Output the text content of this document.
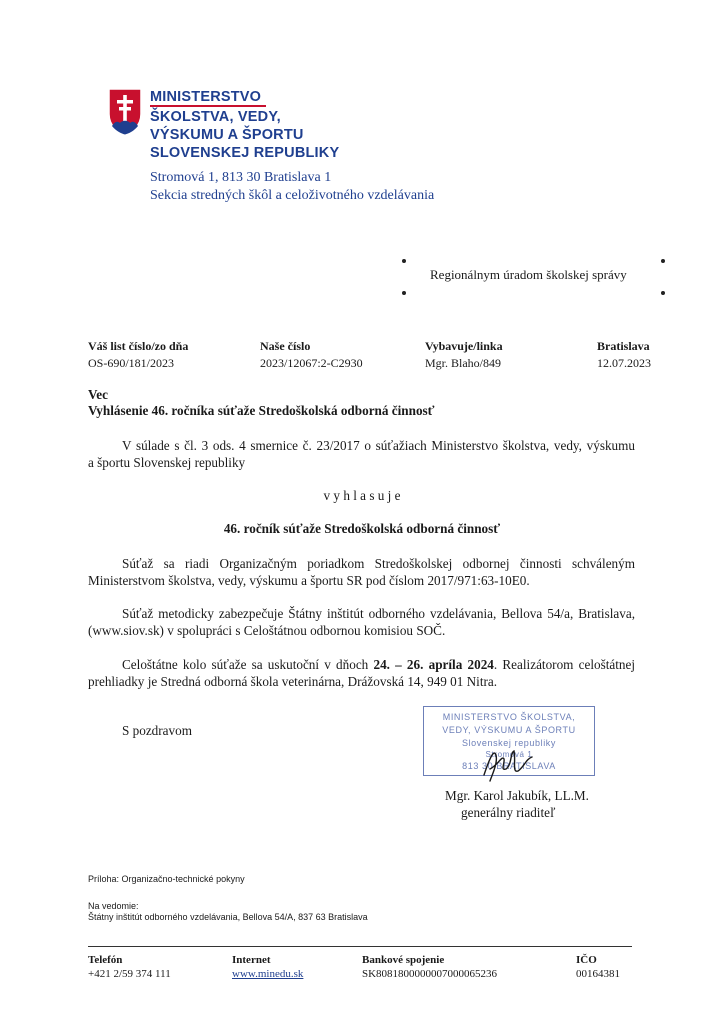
MINISTERSTVO
ŠKOLSTVA, VEDY,
VÝSKUMU A ŠPORTU
SLOVENSKEJ REPUBLIKY
Stromová 1, 813 30 Bratislava 1
Sekcia stredných škôl a celoživotného vzdelávania
Regionálnym úradom školskej správy
Váš list číslo/zo dňa
OS-690/181/2023
Naše číslo
2023/12067:2-C2930
Vybavuje/linka
Mgr. Blaho/849
Bratislava
12.07.2023
Vec
Vyhlásenie 46. ročníka súťaže Stredoškolská odborná činnosť
V súlade s čl. 3 ods. 4 smernice č. 23/2017 o súťažiach Ministerstvo školstva, vedy, výskumu
a športu Slovenskej republiky
v y h l a s u j e
46. ročník súťaže Stredoškolská odborná činnosť
Súťaž sa riadi Organizačným poriadkom Stredoškolskej odbornej činnosti schváleným
Ministerstvom školstva, vedy, výskumu a športu SR pod číslom 2017/971:63-10E0.
Súťaž metodicky zabezpečuje Štátny inštitút odborného vzdelávania, Bellova 54/a, Bratislava,
(www.siov.sk) v spolupráci s Celoštátnou odbornou komisiou SOČ.
Celoštátne kolo súťaže sa uskutoční v dňoch 24. – 26. apríla 2024. Realizátorom celoštátnej
prehliadky je Stredná odborná škola veterinárna, Drážovská 14, 949 01 Nitra.
S pozdravom
MINISTERSTVO ŠKOLSTVA,
VEDY, VÝSKUMU A ŠPORTU
Slovenskej republiky
Stromová 1
813 30 BRATISLAVA
Mgr. Karol Jakubík, LL.M.
generálny riaditeľ
Príloha: Organizačno-technické pokyny
Na vedomie:
Štátny inštitút odborného vzdelávania, Bellova 54/A, 837 63 Bratislava
Telefón
+421 2/59 374 111
Internet
www.minedu.sk
Bankové spojenie
SK8081800000007000065236
IČO
00164381
